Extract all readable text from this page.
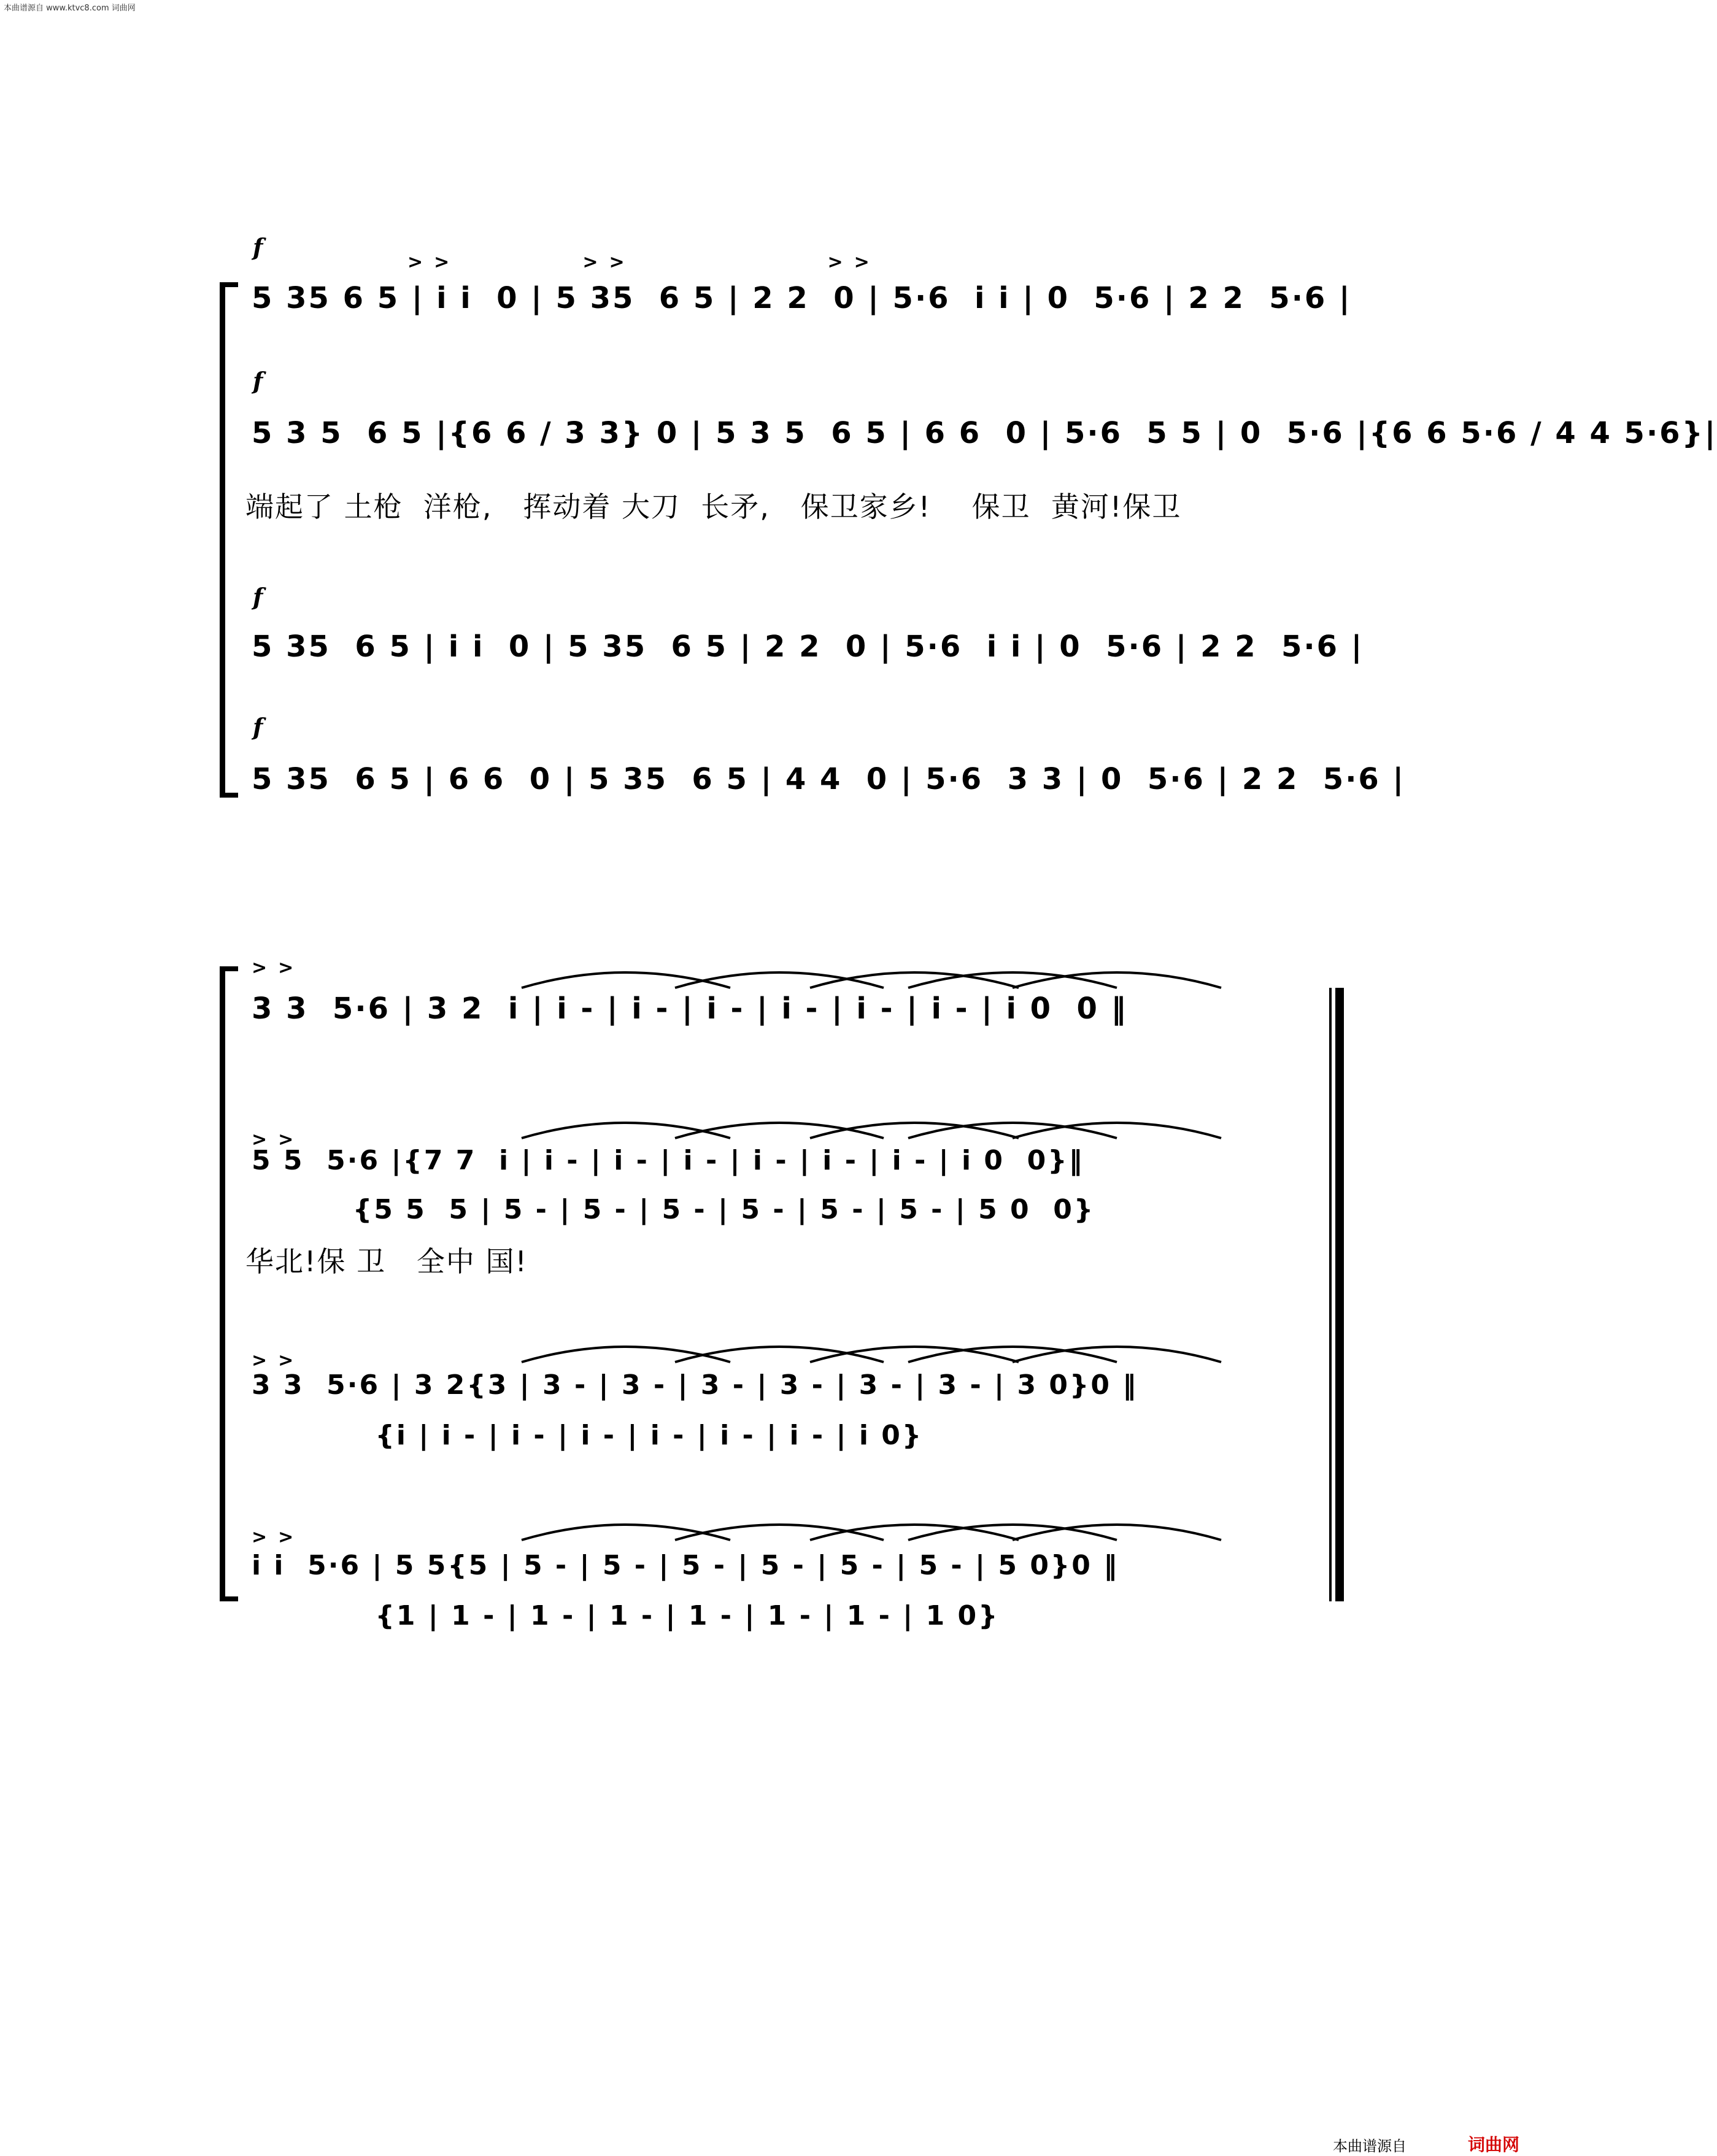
本曲谱源自 www.ktvc8.com 词曲网
f
>>       >>           >>
5 35 6 5 | i i  0 | 5 35  6 5 | 2 2  0 | 5·6  i i | 0  5·6 | 2 2  5·6 |
f
5 3 5  6 5 |{6 6 / 3 3} 0 | 5 3 5  6 5 | 6 6  0 | 5·6  5 5 | 0  5·6 |{6 6 5·6 / 4 4 5·6}|
端起了 土枪  洋枪,   挥动着 大刀  长矛,   保卫家乡!    保卫  黄河!保卫
f
5 35  6 5 | i i  0 | 5 35  6 5 | 2 2  0 | 5·6  i i | 0  5·6 | 2 2  5·6 |
f
5 35  6 5 | 6 6  0 | 5 35  6 5 | 4 4  0 | 5·6  3 3 | 0  5·6 | 2 2  5·6 |
>>
3 3  5·6 | 3 2  i | i - | i - | i - | i - | i - | i - | i 0  0 ‖
>>
5 5  5·6 |{7 7  i | i - | i - | i - | i - | i - | i - | i 0  0}‖
{5 5  5 | 5 - | 5 - | 5 - | 5 - | 5 - | 5 - | 5 0  0}
华北!保 卫   全中 国!
>>
3 3  5·6 | 3 2{3 | 3 - | 3 - | 3 - | 3 - | 3 - | 3 - | 3 0}0 ‖
{i | i - | i - | i - | i - | i - | i - | i 0}
>>
i i  5·6 | 5 5{5 | 5 - | 5 - | 5 - | 5 - | 5 - | 5 - | 5 0}0 ‖
{1 | 1 - | 1 - | 1 - | 1 - | 1 - | 1 - | 1 0}
本曲谱源自	词曲网
